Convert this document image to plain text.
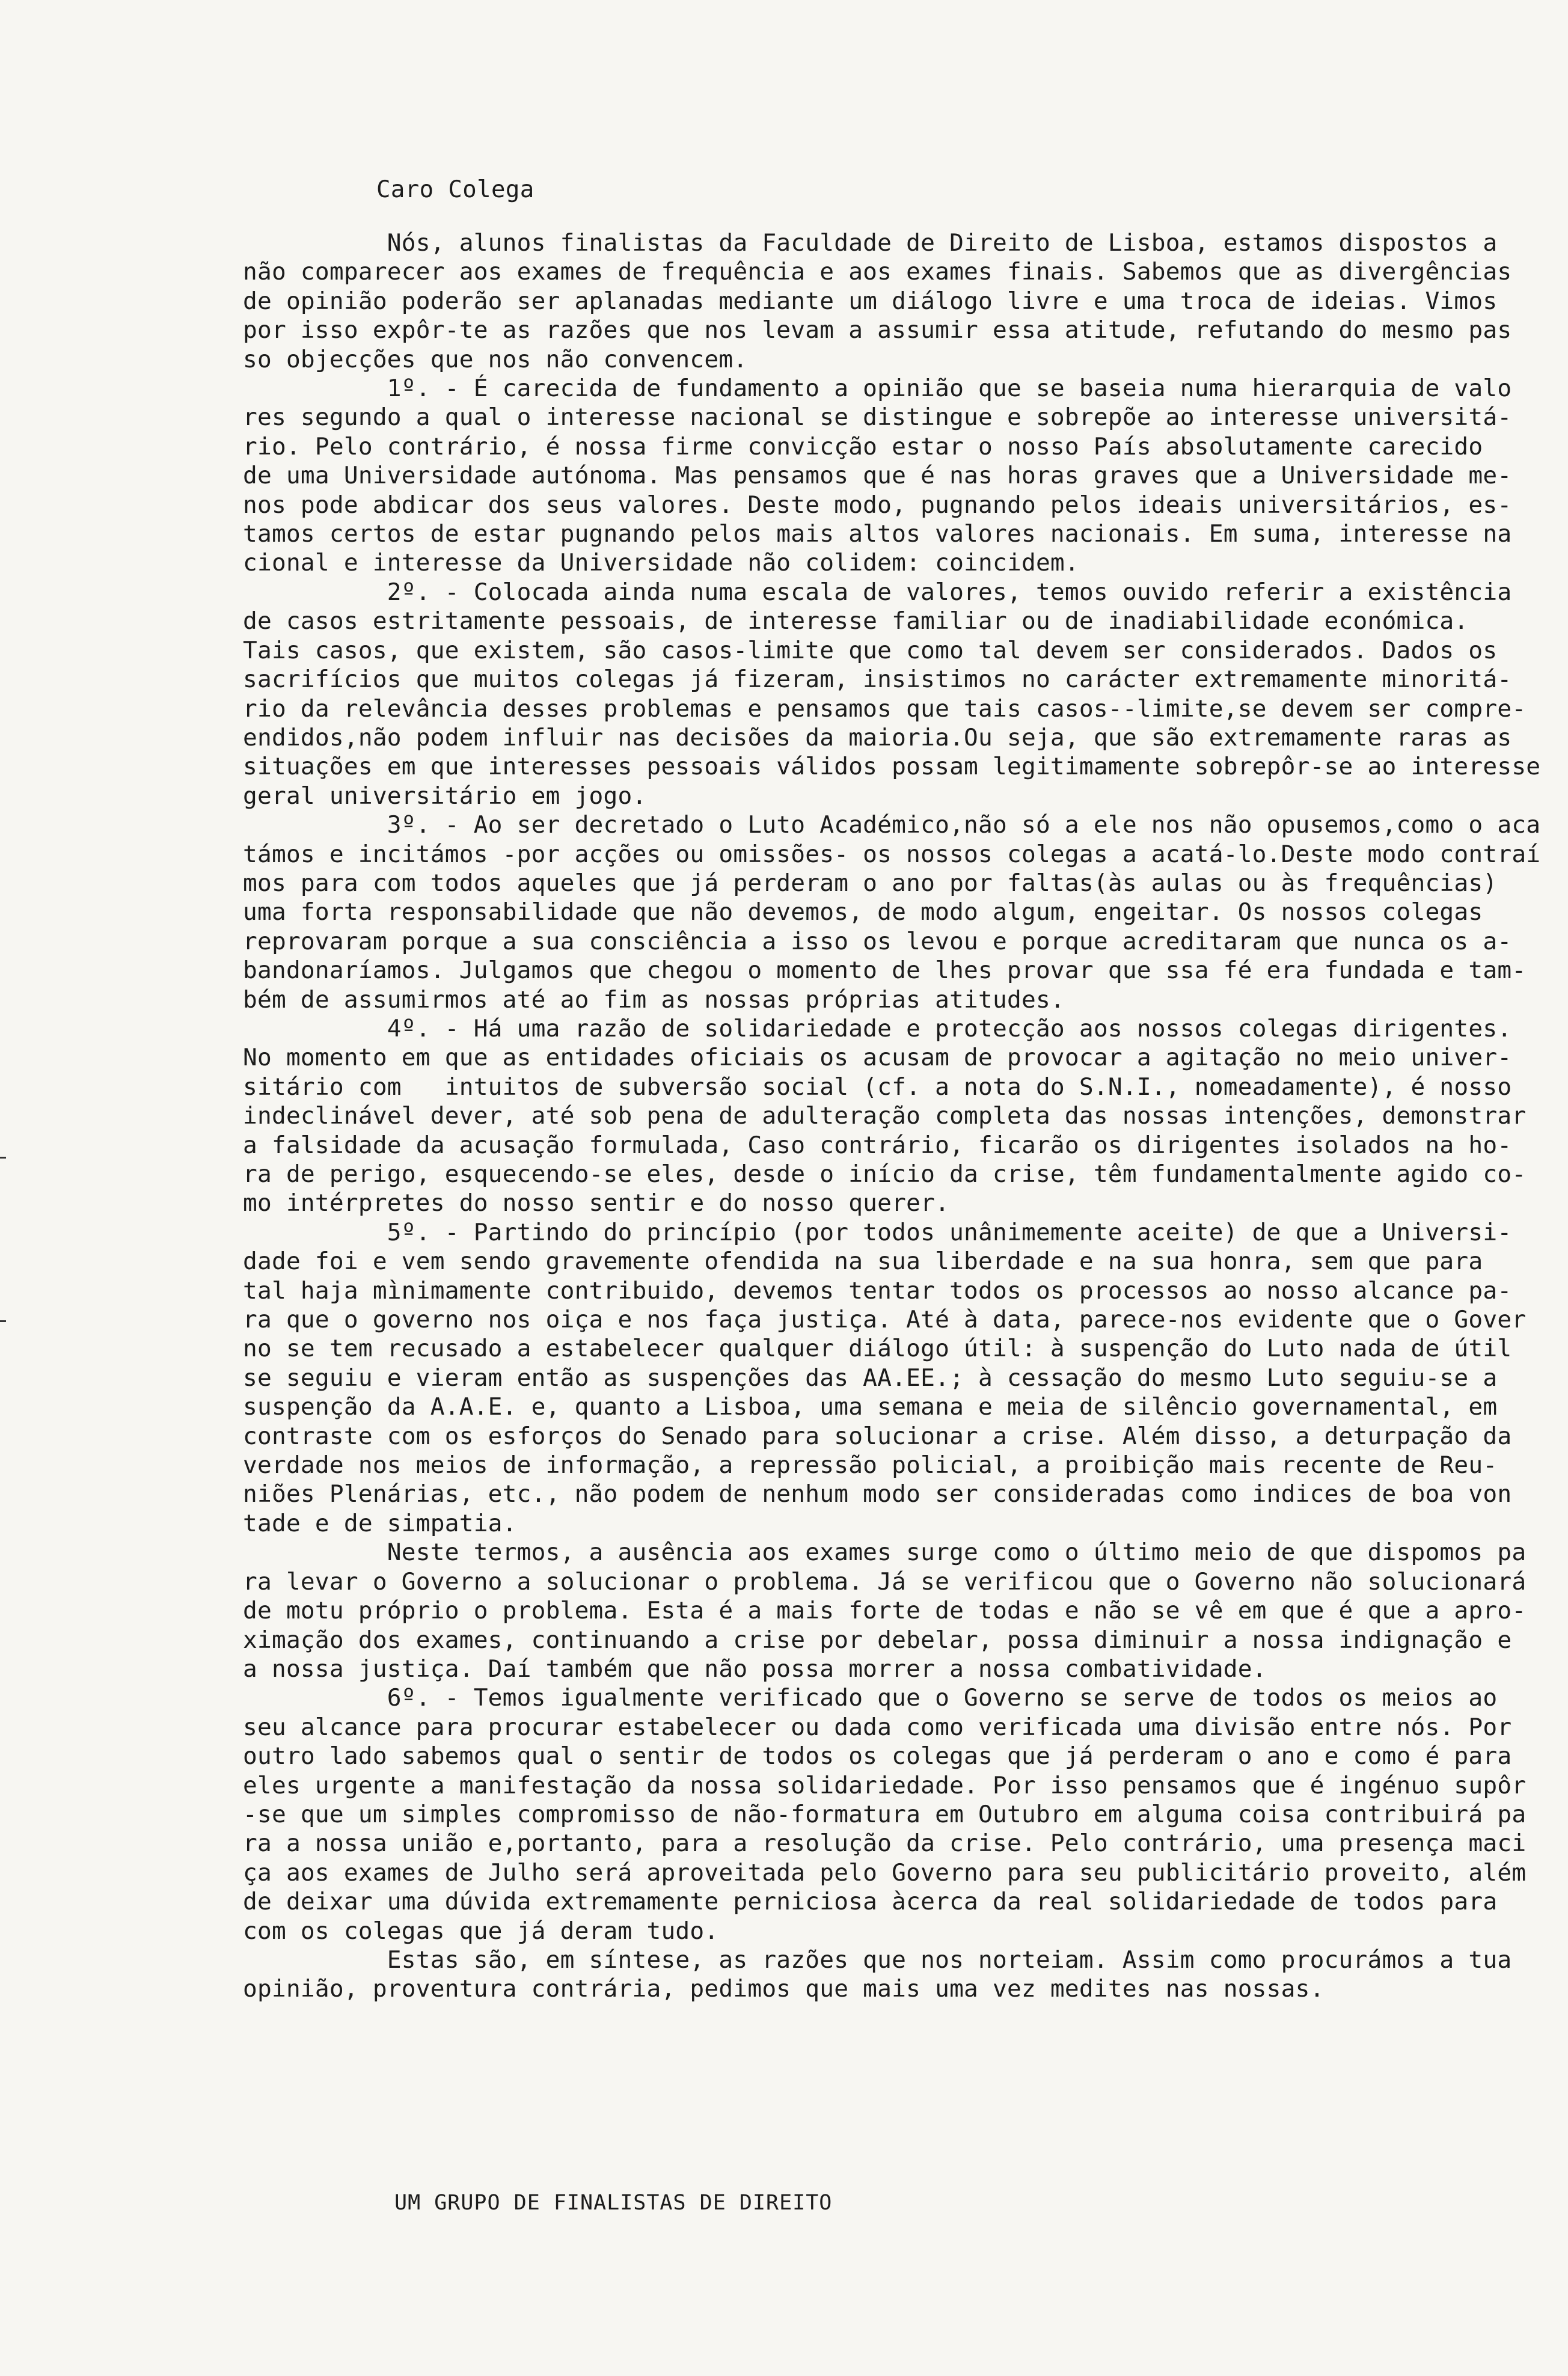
Caro Colega
Nós, alunos finalistas da Faculdade de Direito de Lisboa, estamos dispostos a
não comparecer aos exames de frequência e aos exames finais. Sabemos que as divergências
de opinião poderão ser aplanadas mediante um diálogo livre e uma troca de ideias. Vimos
por isso expôr-te as razões que nos levam a assumir essa atitude, refutando do mesmo pas
so objecções que nos não convencem.
1º. - É carecida de fundamento a opinião que se baseia numa hierarquia de valo
res segundo a qual o interesse nacional se distingue e sobrepõe ao interesse universitá-
rio. Pelo contrário, é nossa firme convicção estar o nosso País absolutamente carecido
de uma Universidade autónoma. Mas pensamos que é nas horas graves que a Universidade me-
nos pode abdicar dos seus valores. Deste modo, pugnando pelos ideais universitários, es-
tamos certos de estar pugnando pelos mais altos valores nacionais. Em suma, interesse na
cional e interesse da Universidade não colidem: coincidem.
2º. - Colocada ainda numa escala de valores, temos ouvido referir a existência
de casos estritamente pessoais, de interesse familiar ou de inadiabilidade económica.
Tais casos, que existem, são casos-limite que como tal devem ser considerados. Dados os
sacrifícios que muitos colegas já fizeram, insistimos no carácter extremamente minoritá-
rio da relevância desses problemas e pensamos que tais casos--limite,se devem ser compre-
endidos,não podem influir nas decisões da maioria.Ou seja, que são extremamente raras as
situações em que interesses pessoais válidos possam legitimamente sobrepôr-se ao interesse
geral universitário em jogo.
3º. - Ao ser decretado o Luto Académico,não só a ele nos não opusemos,como o aca
támos e incitámos -por acções ou omissões- os nossos colegas a acatá-lo.Deste modo contraí
mos para com todos aqueles que já perderam o ano por faltas(às aulas ou às frequências)
uma forta responsabilidade que não devemos, de modo algum, engeitar. Os nossos colegas
reprovaram porque a sua consciência a isso os levou e porque acreditaram que nunca os a-
bandonaríamos. Julgamos que chegou o momento de lhes provar que ssa fé era fundada e tam-
bém de assumirmos até ao fim as nossas próprias atitudes.
4º. - Há uma razão de solidariedade e protecção aos nossos colegas dirigentes.
No momento em que as entidades oficiais os acusam de provocar a agitação no meio univer-
sitário com   intuitos de subversão social (cf. a nota do S.N.I., nomeadamente), é nosso
indeclinável dever, até sob pena de adulteração completa das nossas intenções, demonstrar
a falsidade da acusação formulada, Caso contrário, ficarão os dirigentes isolados na ho-
ra de perigo, esquecendo-se eles, desde o início da crise, têm fundamentalmente agido co-
mo intérpretes do nosso sentir e do nosso querer.
5º. - Partindo do princípio (por todos unânimemente aceite) de que a Universi-
dade foi e vem sendo gravemente ofendida na sua liberdade e na sua honra, sem que para
tal haja mìnimamente contribuido, devemos tentar todos os processos ao nosso alcance pa-
ra que o governo nos oiça e nos faça justiça. Até à data, parece-nos evidente que o Gover
no se tem recusado a estabelecer qualquer diálogo útil: à suspenção do Luto nada de útil
se seguiu e vieram então as suspenções das AA.EE.; à cessação do mesmo Luto seguiu-se a
suspenção da A.A.E. e, quanto a Lisboa, uma semana e meia de silêncio governamental, em
contraste com os esforços do Senado para solucionar a crise. Além disso, a deturpação da
verdade nos meios de informação, a repressão policial, a proibição mais recente de Reu-
niões Plenárias, etc., não podem de nenhum modo ser consideradas como indices de boa von
tade e de simpatia.
Neste termos, a ausência aos exames surge como o último meio de que dispomos pa
ra levar o Governo a solucionar o problema. Já se verificou que o Governo não solucionará
de motu próprio o problema. Esta é a mais forte de todas e não se vê em que é que a apro-
ximação dos exames, continuando a crise por debelar, possa diminuir a nossa indignação e
a nossa justiça. Daí também que não possa morrer a nossa combatividade.
6º. - Temos igualmente verificado que o Governo se serve de todos os meios ao
seu alcance para procurar estabelecer ou dada como verificada uma divisão entre nós. Por
outro lado sabemos qual o sentir de todos os colegas que já perderam o ano e como é para
eles urgente a manifestação da nossa solidariedade. Por isso pensamos que é ingénuo supôr
-se que um simples compromisso de não-formatura em Outubro em alguma coisa contribuirá pa
ra a nossa união e,portanto, para a resolução da crise. Pelo contrário, uma presença maci
ça aos exames de Julho será aproveitada pelo Governo para seu publicitário proveito, além
de deixar uma dúvida extremamente perniciosa àcerca da real solidariedade de todos para
com os colegas que já deram tudo.
Estas são, em síntese, as razões que nos norteiam. Assim como procurámos a tua
opinião, proventura contrária, pedimos que mais uma vez medites nas nossas.
UM GRUPO DE FINALISTAS DE DIREITO
